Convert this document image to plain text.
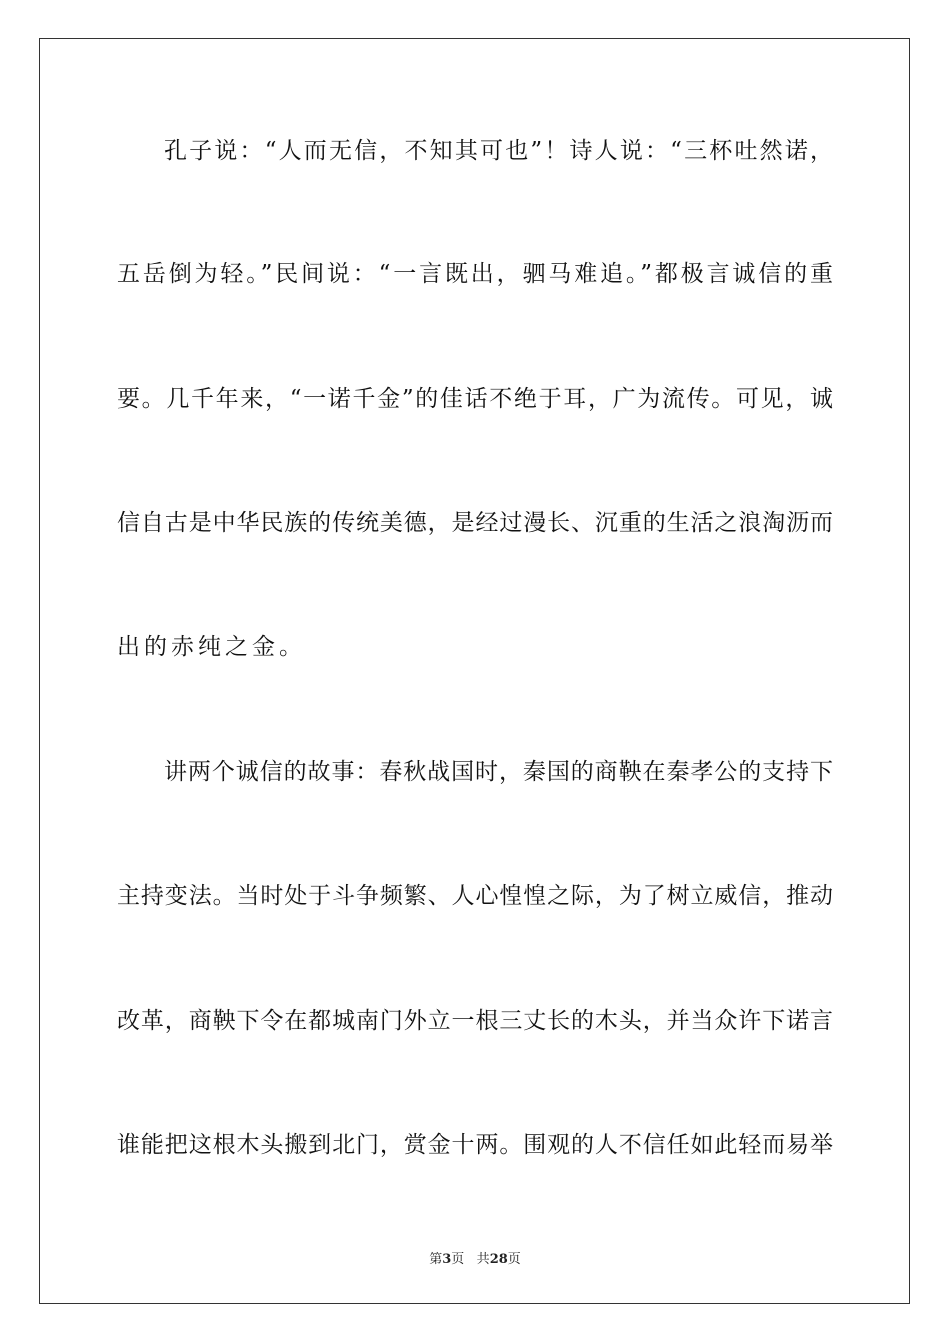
孔子说：“人而无信，不知其可也”！诗人说：“三杯吐然诺，
五岳倒为轻。”民间说：“一言既出，驷马难追。”都极言诚信的重
要。几千年来，“一诺千金”的佳话不绝于耳，广为流传。可见，诚
信自古是中华民族的传统美德，是经过漫长、沉重的生活之浪淘沥而
出的赤纯之金。
讲两个诚信的故事：春秋战国时，秦国的商鞅在秦孝公的支持下
主持变法。当时处于斗争频繁、人心惶惶之际，为了树立威信，推动
改革，商鞅下令在都城南门外立一根三丈长的木头，并当众许下诺言
谁能把这根木头搬到北门，赏金十两。围观的人不信任如此轻而易举
第3页 共28页
